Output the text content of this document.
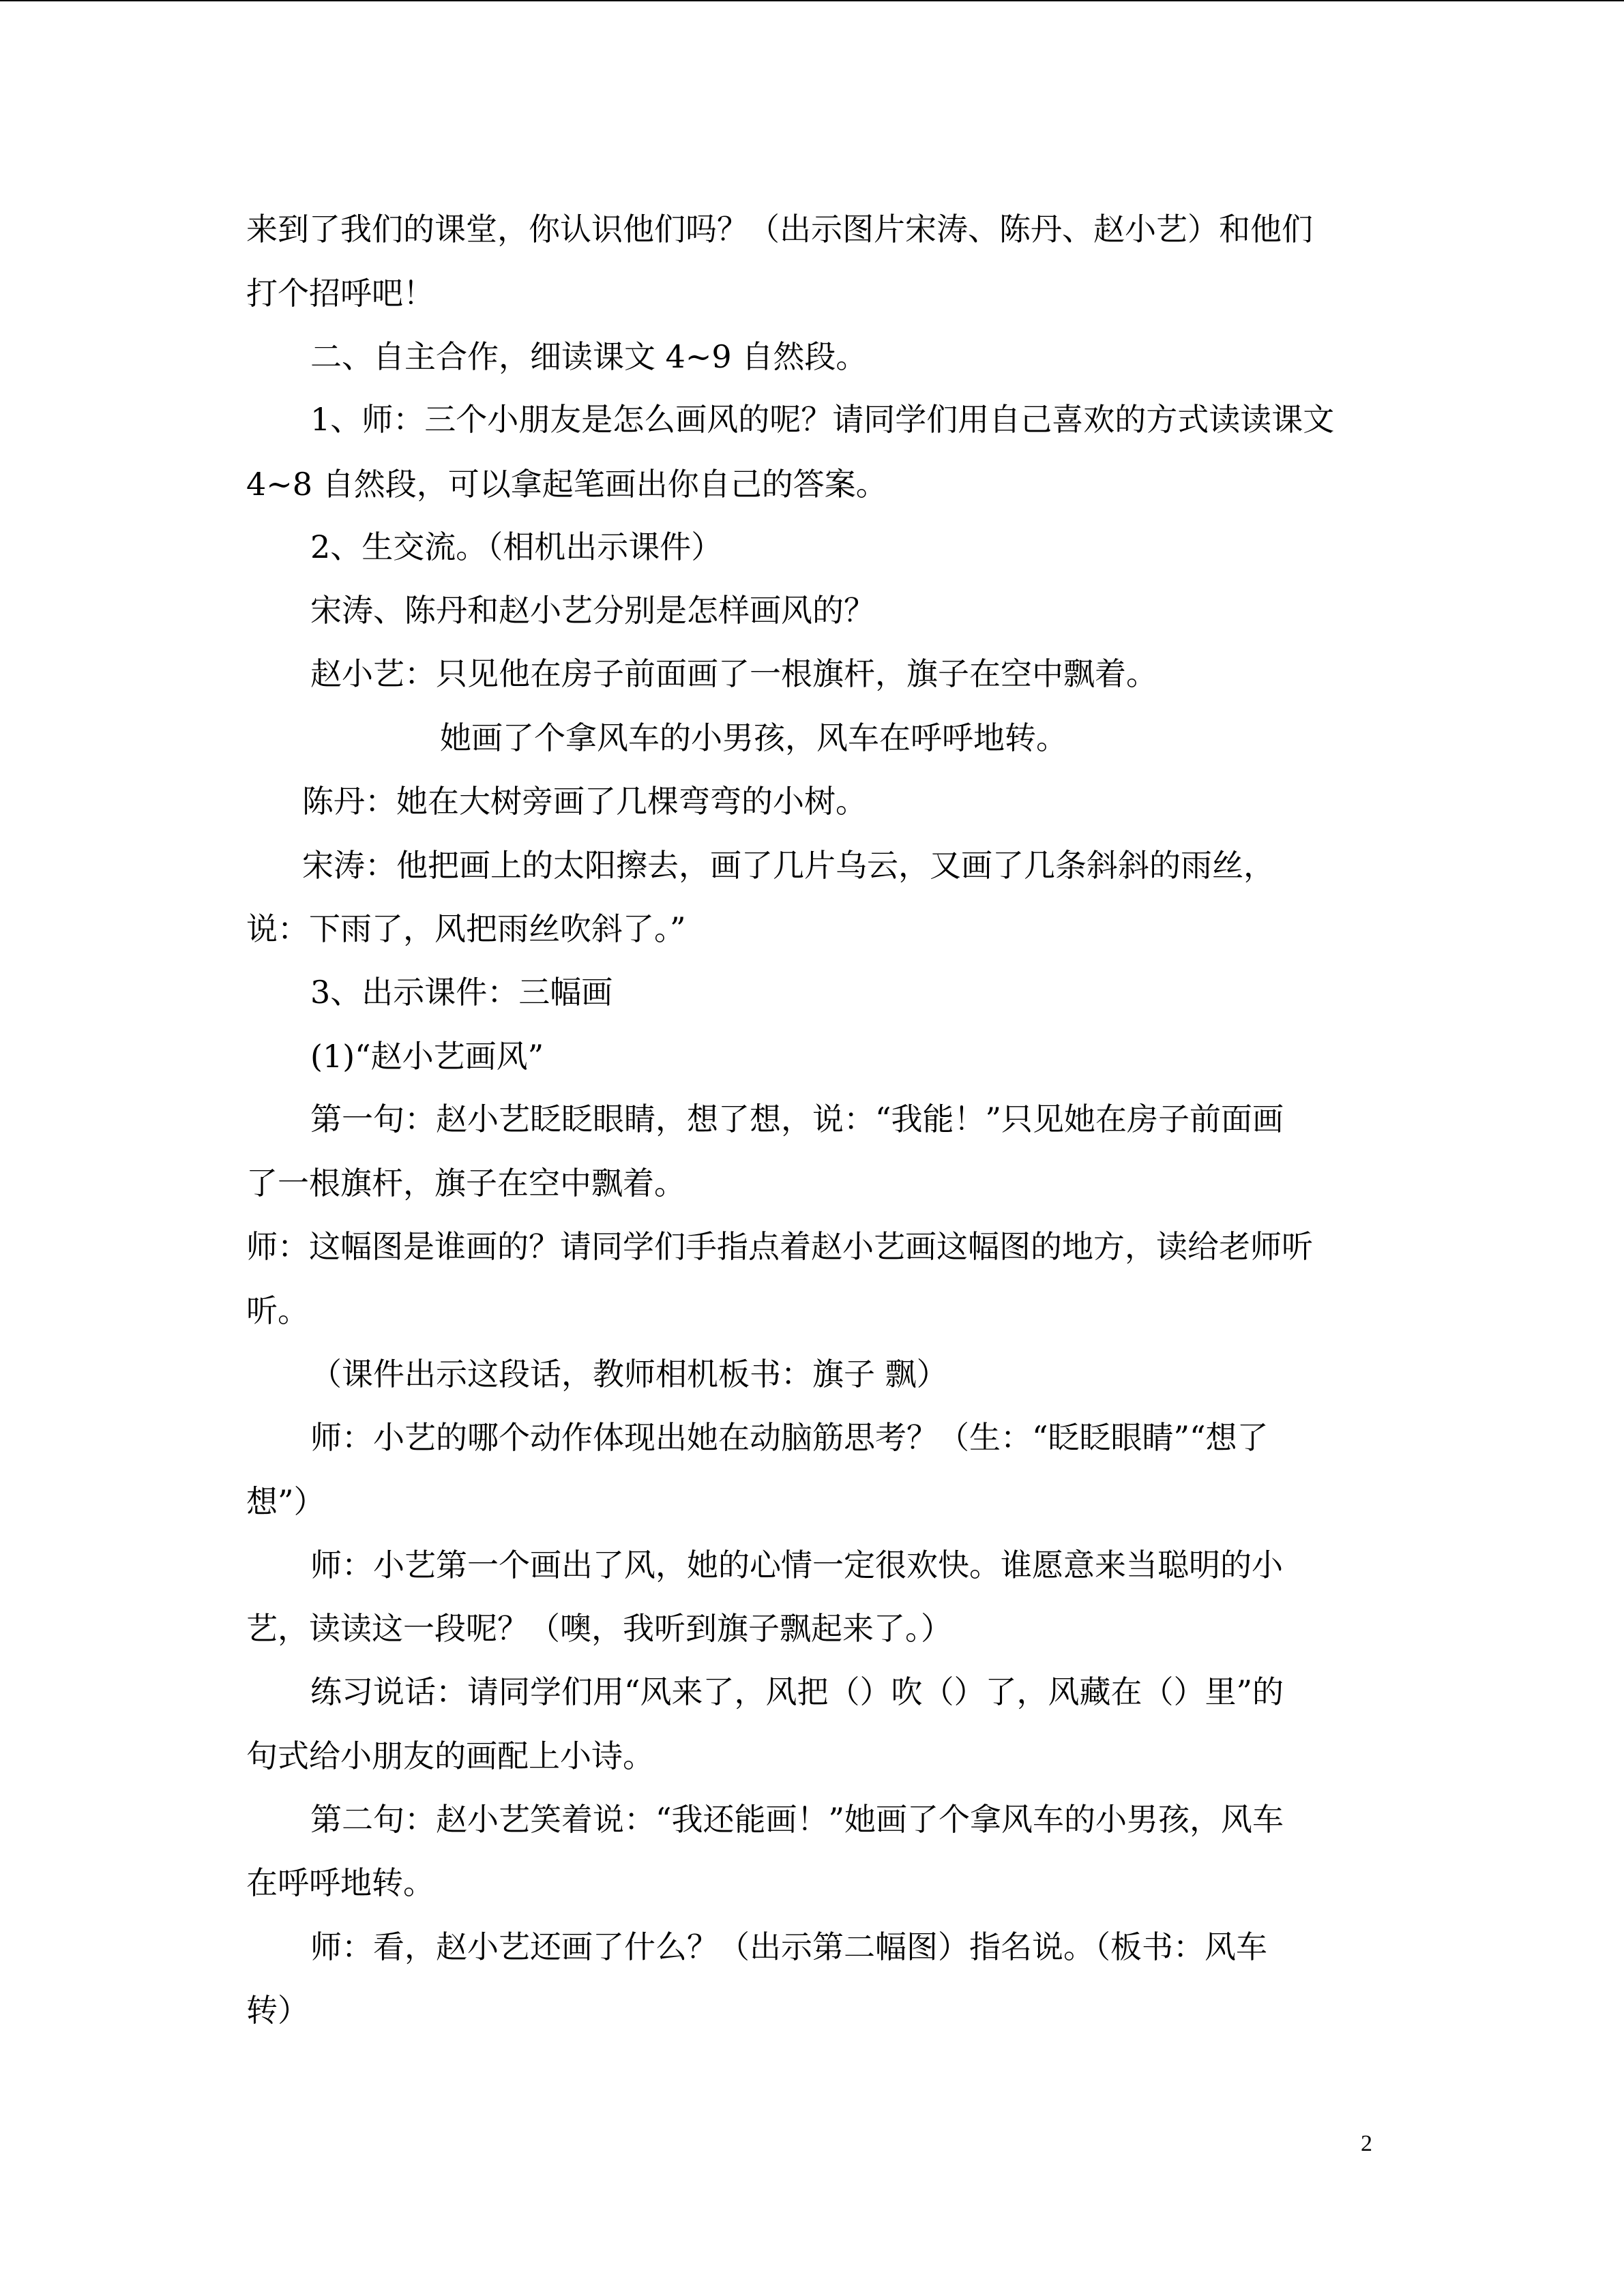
来到了我们的课堂，你认识他们吗？（出示图片宋涛、陈丹、赵小艺）和他们
打个招呼吧！
二、自主合作，细读课文 4~9 自然段。
1、师：三个小朋友是怎么画风的呢？请同学们用自己喜欢的方式读读课文
4~8 自然段，可以拿起笔画出你自己的答案。
2、生交流。（相机出示课件）
宋涛、陈丹和赵小艺分别是怎样画风的？
赵小艺：只见他在房子前面画了一根旗杆，旗子在空中飘着。
她画了个拿风车的小男孩，风车在呼呼地转。
陈丹：她在大树旁画了几棵弯弯的小树。
宋涛：他把画上的太阳擦去，画了几片乌云，又画了几条斜斜的雨丝，
说：下雨了，风把雨丝吹斜了。”
3、出示课件：三幅画
(1)“赵小艺画风”
第一句：赵小艺眨眨眼睛，想了想，说：“我能！”只见她在房子前面画
了一根旗杆，旗子在空中飘着。
师：这幅图是谁画的？请同学们手指点着赵小艺画这幅图的地方，读给老师听
听。
（课件出示这段话，教师相机板书：旗子 飘）
师：小艺的哪个动作体现出她在动脑筋思考？（生：“眨眨眼睛”“想了
想”）
师：小艺第一个画出了风，她的心情一定很欢快。谁愿意来当聪明的小
艺，读读这一段呢？（噢，我听到旗子飘起来了。）
练习说话：请同学们用“风来了，风把（）吹（）了，风藏在（）里”的
句式给小朋友的画配上小诗。
第二句：赵小艺笑着说：“我还能画！”她画了个拿风车的小男孩，风车
在呼呼地转。
师：看，赵小艺还画了什么？（出示第二幅图）指名说。（板书：风车
转）
2
